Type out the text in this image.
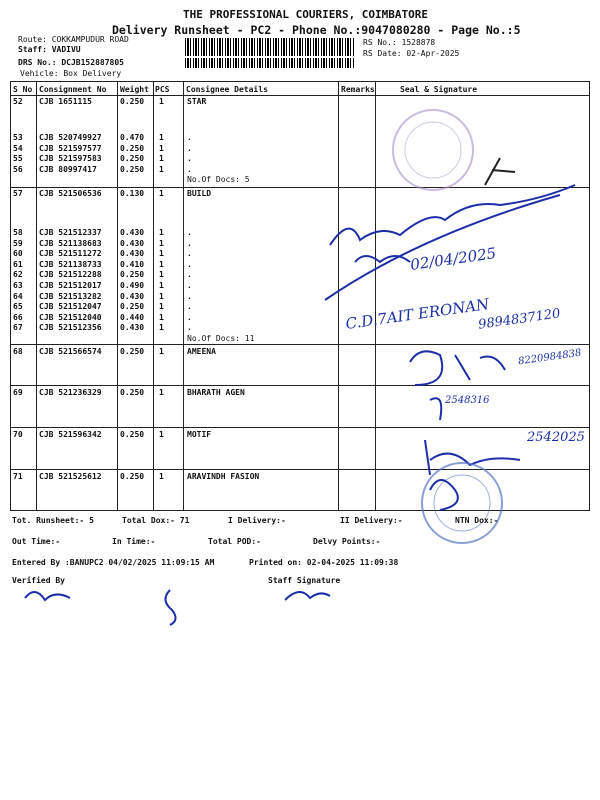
THE PROFESSIONAL COURIERS, COIMBATORE
Delivery Runsheet - PC2 - Phone No.:9047080280 - Page No.:5
Route: COKKAMPUDUR ROAD
Staff: VADIVU
DRS No.: DCJB152887805
Vehicle: Box Delivery
RS No.: 1528878
RS Date: 02-Apr-2025
S No Consignment No Weight PCS Consignee Details	Remarks	Seal & Signature
52 CJB 1651115	0.250 1	STAR
53 CJB 520749927 0.470 1	.
54 CJB 521597577 0.250 1	.
55 CJB 521597583 0.250 1	.
56 CJB 80997417	0.250 1	.
No.Of Docs: 5
57 CJB 521506536 0.130 1	BUILD
58 CJB 521512337 0.430 1	.
59 CJB 521138683 0.430 1	.
60 CJB 521511272 0.430 1	.
61 CJB 521138733 0.410 1	.
62 CJB 521512288 0.250 1	.
63 CJB 521512017 0.490 1	.
64 CJB 521513282 0.430 1	.
65 CJB 521512047 0.250 1	.
66 CJB 521512040 0.440 1	.
67 CJB 521512356 0.430 1	.
No.Of Docs: 11
68 CJB 521566574 0.250 1	AMEENA
69 CJB 521236329 0.250 1	BHARATH AGEN
70 CJB 521596342 0.250 1	MOTIF
71 CJB 521525612 0.250 1	ARAVINDH FASION
02/04/2025
C.D.7AIT ERONAN
9894837120
8220984838
2548316
2542025
Tot. Runsheet:- 5	Total Dox:- 71	I Delivery:-	II Delivery:-	NTN Dox:-
Out Time:-	In Time:-	Total POD:-	Delvy Points:-
Entered By :BANUPC2 04/02/2025 11:09:15 AM	Printed on: 02-04-2025 11:09:38
Verified By	Staff Signature
